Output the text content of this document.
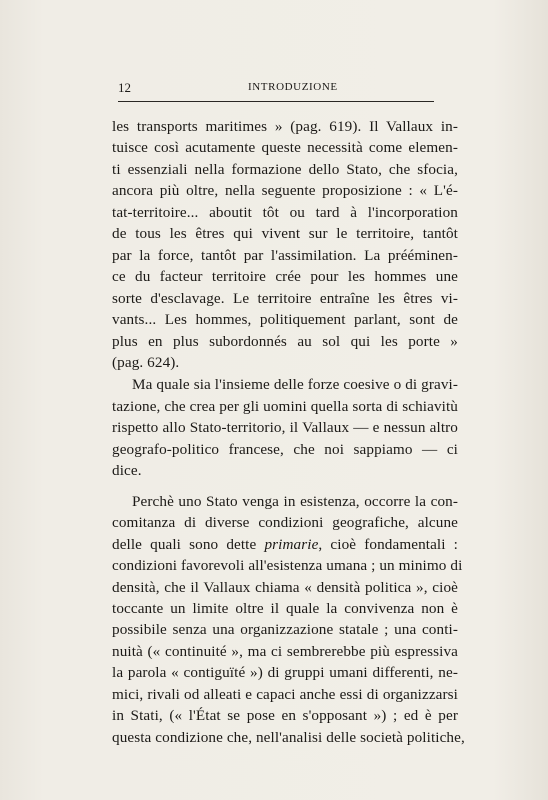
12	INTRODUZIONE

les transports maritimes » (pag. 619). Il Vallaux in-
tuisce così acutamente queste necessità come elemen-
ti essenziali nella formazione dello Stato, che sfocia,
ancora più oltre, nella seguente proposizione : « L'é-
tat-territoire... aboutit tôt ou tard à l'incorporation
de tous les êtres qui vivent sur le territoire, tantôt
par la force, tantôt par l'assimilation. La prééminen-
ce du facteur territoire crée pour les hommes une
sorte d'esclavage. Le territoire entraîne les êtres vi-
vants... Les hommes, politiquement parlant, sont de
plus en plus subordonnés au sol qui les porte »
(pag. 624).

Ma quale sia l'insieme delle forze coesive o di gravi-
tazione, che crea per gli uomini quella sorta di schiavitù
rispetto allo Stato-territorio, il Vallaux — e nessun altro
geografo-politico francese, che noi sappiamo — ci
dice.

Perchè uno Stato venga in esistenza, occorre la con-
comitanza di diverse condizioni geografiche, alcune
delle quali sono dette primarie, cioè fondamentali :
condizioni favorevoli all'esistenza umana ; un minimo di
densità, che il Vallaux chiama « densità politica », cioè
toccante un limite oltre il quale la convivenza non è
possibile senza una organizzazione statale ; una conti-
nuità (« continuité », ma ci sembrerebbe più espressiva
la parola « contiguïté ») di gruppi umani differenti, ne-
mici, rivali od alleati e capaci anche essi di organizzarsi
in Stati, (« l'État se pose en s'opposant ») ; ed è per
questa condizione che, nell'analisi delle società politiche,
